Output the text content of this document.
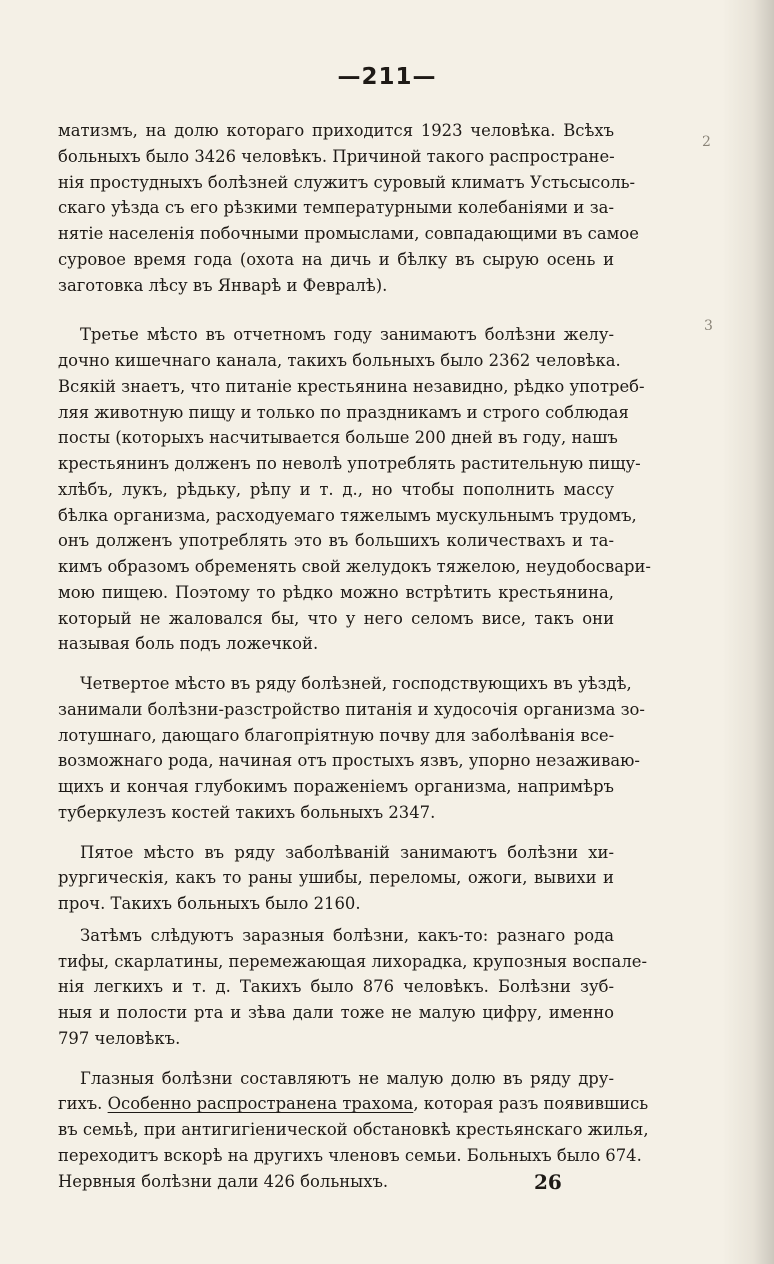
—211—
2
3

матизмъ, на долю котораго приходится 1923 человѣка. Всѣхъ
больныхъ было 3426 человѣкъ. Причиной такого распростране-
нія простудныхъ болѣзней служитъ суровый климатъ Устьсысоль-
скаго уѣзда съ его рѣзкими температурными колебаніями и за-
нятіе населенія побочными промыслами, совпадающими въ самое
суровое время года (охота на дичь и бѣлку въ сырую осень и
заготовка лѣсу въ Январѣ и Февралѣ).

Третье мѣсто въ отчетномъ году занимаютъ болѣзни желу-
дочно кишечнаго канала, такихъ больныхъ было 2362 человѣка.
Всякій знаетъ, что питаніе крестьянина незавидно, рѣдко употреб-
ляя животную пищу и только по праздникамъ и строго соблюдая
посты (которыхъ насчитывается больше 200 дней въ году, нашъ
крестьянинъ долженъ по неволѣ употреблять растительную пищу-
хлѣбъ, лукъ, рѣдьку, рѣпу и т. д., но чтобы пополнить массу
бѣлка организма, расходуемаго тяжелымъ мускульнымъ трудомъ,
онъ долженъ употреблять это въ большихъ количествахъ и та-
кимъ образомъ обременять свой желудокъ тяжелою, неудобосвари-
мою пищею. Поэтому то рѣдко можно встрѣтить крестьянина,
который не жаловался бы, что у него селомъ висе, такъ они
называя боль подъ ложечкой.

Четвертое мѣсто въ ряду болѣзней, господствующихъ въ уѣздѣ,
занимали болѣзни-разстройство питанія и худосочія организма зо-
лотушнаго, дающаго благопріятную почву для заболѣванія все-
возможнаго рода, начиная отъ простыхъ язвъ, упорно незаживаю-
щихъ и кончая глубокимъ пораженіемъ организма, напримѣръ
туберкулезъ костей такихъ больныхъ 2347.

Пятое мѣсто въ ряду заболѣваній занимаютъ болѣзни хи-
рургическія, какъ то раны ушибы, переломы, ожоги, вывихи и
проч. Такихъ больныхъ было 2160.

Затѣмъ слѣдуютъ заразныя болѣзни, какъ-то: разнаго рода
тифы, скарлатины, перемежающая лихорадка, крупозныя воспале-
нія легкихъ и т. д. Такихъ было 876 человѣкъ. Болѣзни зуб-
ныя и полости рта и зѣва дали тоже не малую цифру, именно
797 человѣкъ.

Глазныя болѣзни составляютъ не малую долю въ ряду дру-
гихъ. Особенно распространена трахома, которая разъ появившись
въ семьѣ, при антигигіенической обстановкѣ крестьянскаго жилья,
переходитъ вскорѣ на другихъ членовъ семьи. Больныхъ было 674.
Нервныя болѣзни дали 426 больныхъ.	26
